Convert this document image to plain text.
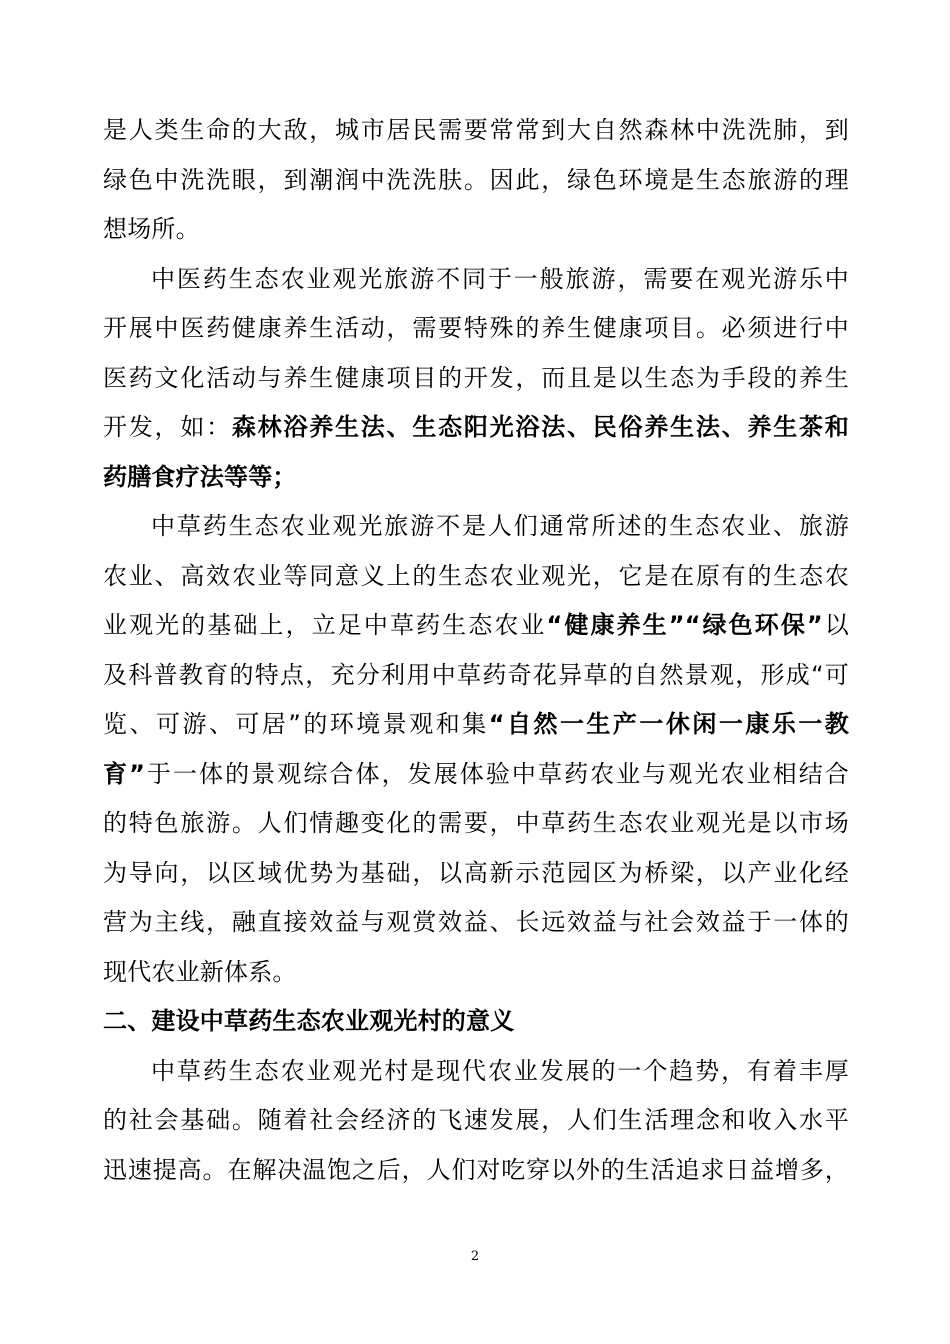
是人类生命的大敌，城市居民需要常常到大自然森林中洗洗肺，到
绿色中洗洗眼，到潮润中洗洗肤。因此，绿色环境是生态旅游的理
想场所。
中医药生态农业观光旅游不同于一般旅游，需要在观光游乐中
开展中医药健康养生活动，需要特殊的养生健康项目。必须进行中
医药文化活动与养生健康项目的开发，而且是以生态为手段的养生
开发，如：森林浴养生法、生态阳光浴法、民俗养生法、养生茶和
药膳食疗法等等；
中草药生态农业观光旅游不是人们通常所述的生态农业、旅游
农业、高效农业等同意义上的生态农业观光，它是在原有的生态农
业观光的基础上，立足中草药生态农业“健康养生”“绿色环保”以
及科普教育的特点，充分利用中草药奇花异草的自然景观，形成“可
览、可游、可居”的环境景观和集“自然一生产一休闲一康乐一教
育”于一体的景观综合体，发展体验中草药农业与观光农业相结合
的特色旅游。人们情趣变化的需要，中草药生态农业观光是以市场
为导向，以区域优势为基础，以高新示范园区为桥梁，以产业化经
营为主线，融直接效益与观赏效益、长远效益与社会效益于一体的
现代农业新体系。
二、建设中草药生态农业观光村的意义
中草药生态农业观光村是现代农业发展的一个趋势，有着丰厚
的社会基础。随着社会经济的飞速发展，人们生活理念和收入水平
迅速提高。在解决温饱之后，人们对吃穿以外的生活追求日益增多，
2
